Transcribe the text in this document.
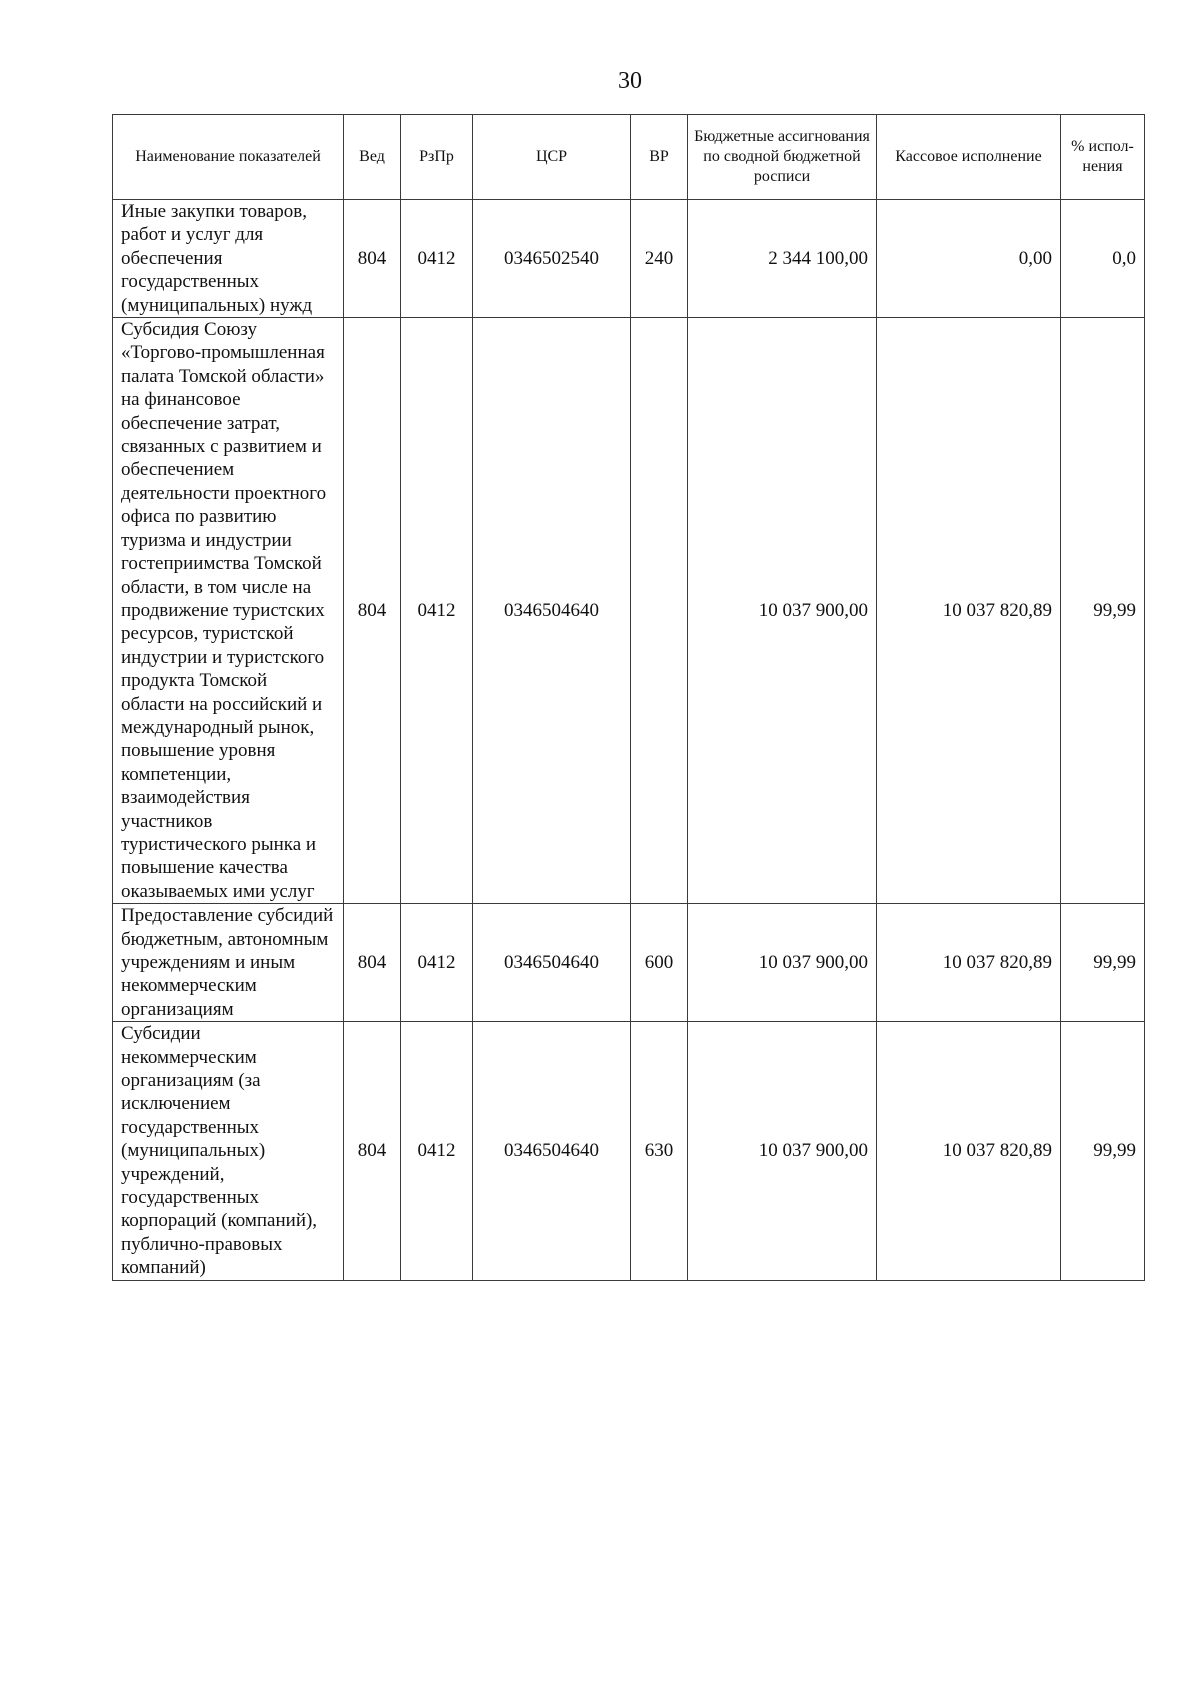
30
Наименование показателей	Вед	РзПр	ЦСР	ВР	Бюджетные ассигнования по сводной бюджетной росписи	Кассовое исполнение	% испол-нения
Иные закупки товаров, работ и услуг для обеспечения государственных (муниципальных) нужд	804	0412	0346502540	240	2 344 100,00	0,00	0,0
Субсидия Союзу «Торгово-промышленная палата Томской области» на финансовое обеспечение затрат, связанных с развитием и обеспечением деятельности проектного офиса по развитию туризма и индустрии гостеприимства Томской области, в том числе на продвижение туристских ресурсов, туристской индустрии и туристского продукта Томской области на российский и международный рынок, повышение уровня компетенции, взаимодействия участников туристического рынка и повышение качества оказываемых ими услуг	804	0412	0346504640		10 037 900,00	10 037 820,89	99,99
Предоставление субсидий бюджетным, автономным учреждениям и иным некоммерческим организациям	804	0412	0346504640	600	10 037 900,00	10 037 820,89	99,99
Субсидии некоммерческим организациям (за исключением государственных (муниципальных) учреждений, государственных корпораций (компаний), публично-правовых компаний)	804	0412	0346504640	630	10 037 900,00	10 037 820,89	99,99
